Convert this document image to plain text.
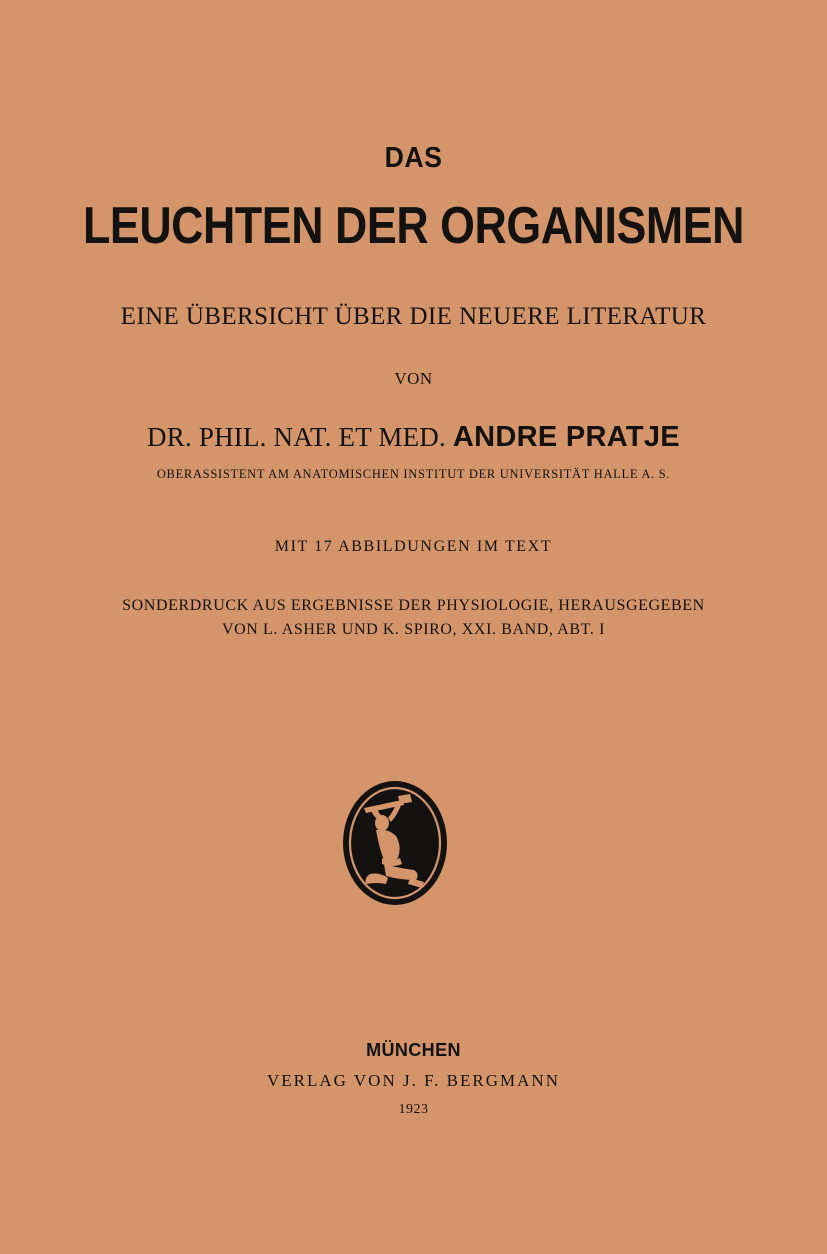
DAS
LEUCHTEN DER ORGANISMEN

EINE ÜBERSICHT ÜBER DIE NEUERE LITERATUR

VON

DR. PHIL. NAT. ET MED. ANDRE PRATJE

OBERASSISTENT AM ANATOMISCHEN INSTITUT DER UNIVERSITÄT HALLE A. S.

MIT 17 ABBILDUNGEN IM TEXT

SONDERDRUCK AUS ERGEBNISSE DER PHYSIOLOGIE, HERAUSGEGEBEN

VON L. ASHER UND K. SPIRO, XXI. BAND, ABT. I

MÜNCHEN

VERLAG VON J. F. BERGMANN

1923
